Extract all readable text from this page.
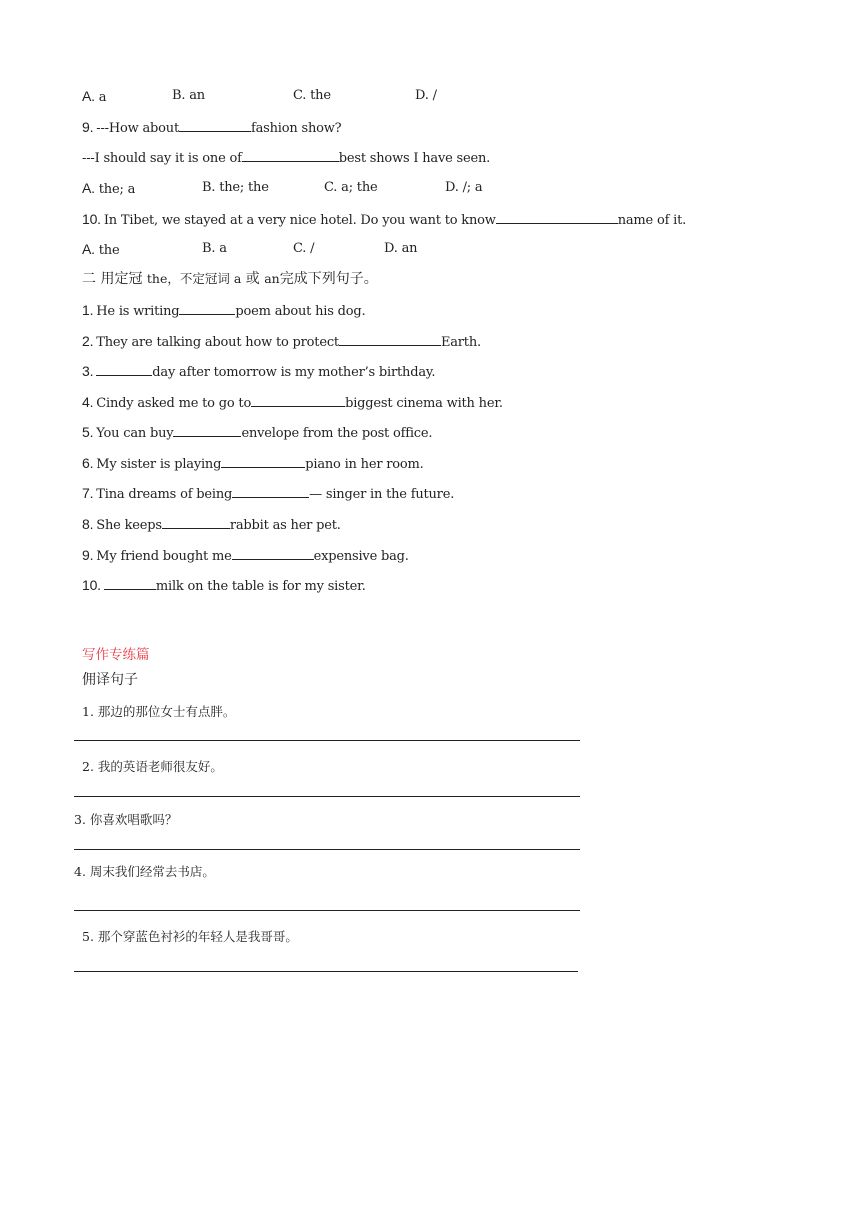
A. a	B. an	C. the	D. /
9. ---How about	fashion show?
---I should say it is one of	best shows I have seen.
A. the; a	B. the; the	C. a; the	D. /; a
10. In Tibet, we stayed at a very nice hotel. Do you want to know	name of it.
A. the	B. a	C. /	D. an
二 用定冠 the，不定冠词 a 或 an完成下列句子。
1. He is writing	poem about his dog.
2. They are talking about how to protect	Earth.
3.	day after tomorrow is my mother’s birthday.
4. Cindy asked me to go to	biggest cinema with her.
5. You can buy	envelope from the post office.
6. My sister is playing	piano in her room.
7. Tina dreams of being	— singer in the future.
8. She keeps	rabbit as her pet.
9. My friend bought me	expensive bag.
10.	milk on the table is for my sister.
写作专练篇
佣译句子
1. 那边的那位女士有点胖。
2. 我的英语老师很友好。
3. 你喜欢唱歌吗？
4. 周末我们经常去书店。
5. 那个穿蓝色衬衫的年轻人是我哥哥。
